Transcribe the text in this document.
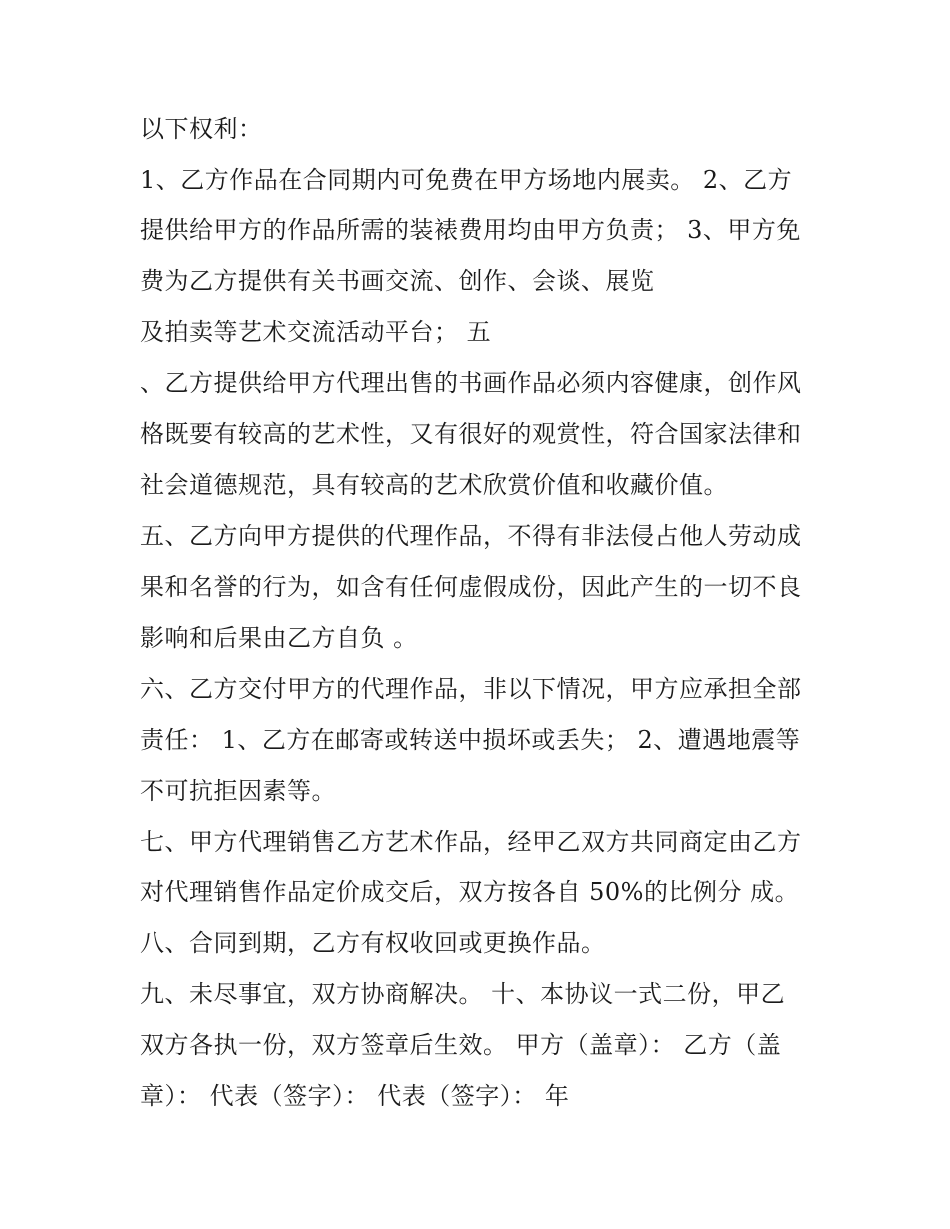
以下权利：
1、乙方作品在合同期内可免费在甲方场地内展卖。 2、乙方
提供给甲方的作品所需的装裱费用均由甲方负责； 3、甲方免
费为乙方提供有关书画交流、创作、会谈、展览
及拍卖等艺术交流活动平台； 五
、乙方提供给甲方代理出售的书画作品必须内容健康，创作风
格既要有较高的艺术性，又有很好的观赏性，符合国家法律和
社会道德规范，具有较高的艺术欣赏价值和收藏价值。
五、乙方向甲方提供的代理作品，不得有非法侵占他人劳动成
果和名誉的行为，如含有任何虚假成份，因此产生的一切不良
影响和后果由乙方自负 。
六、乙方交付甲方的代理作品，非以下情况，甲方应承担全部
责任： 1、乙方在邮寄或转送中损坏或丢失； 2、遭遇地震等
不可抗拒因素等。
七、甲方代理销售乙方艺术作品，经甲乙双方共同商定由乙方
对代理销售作品定价成交后，双方按各自 50%的比例分 成。
八、合同到期，乙方有权收回或更换作品。
九、未尽事宜，双方协商解决。 十、本协议一式二份，甲乙
双方各执一份，双方签章后生效。 甲方（盖章）： 乙方（盖
章）： 代表（签字）： 代表（签字）： 年
